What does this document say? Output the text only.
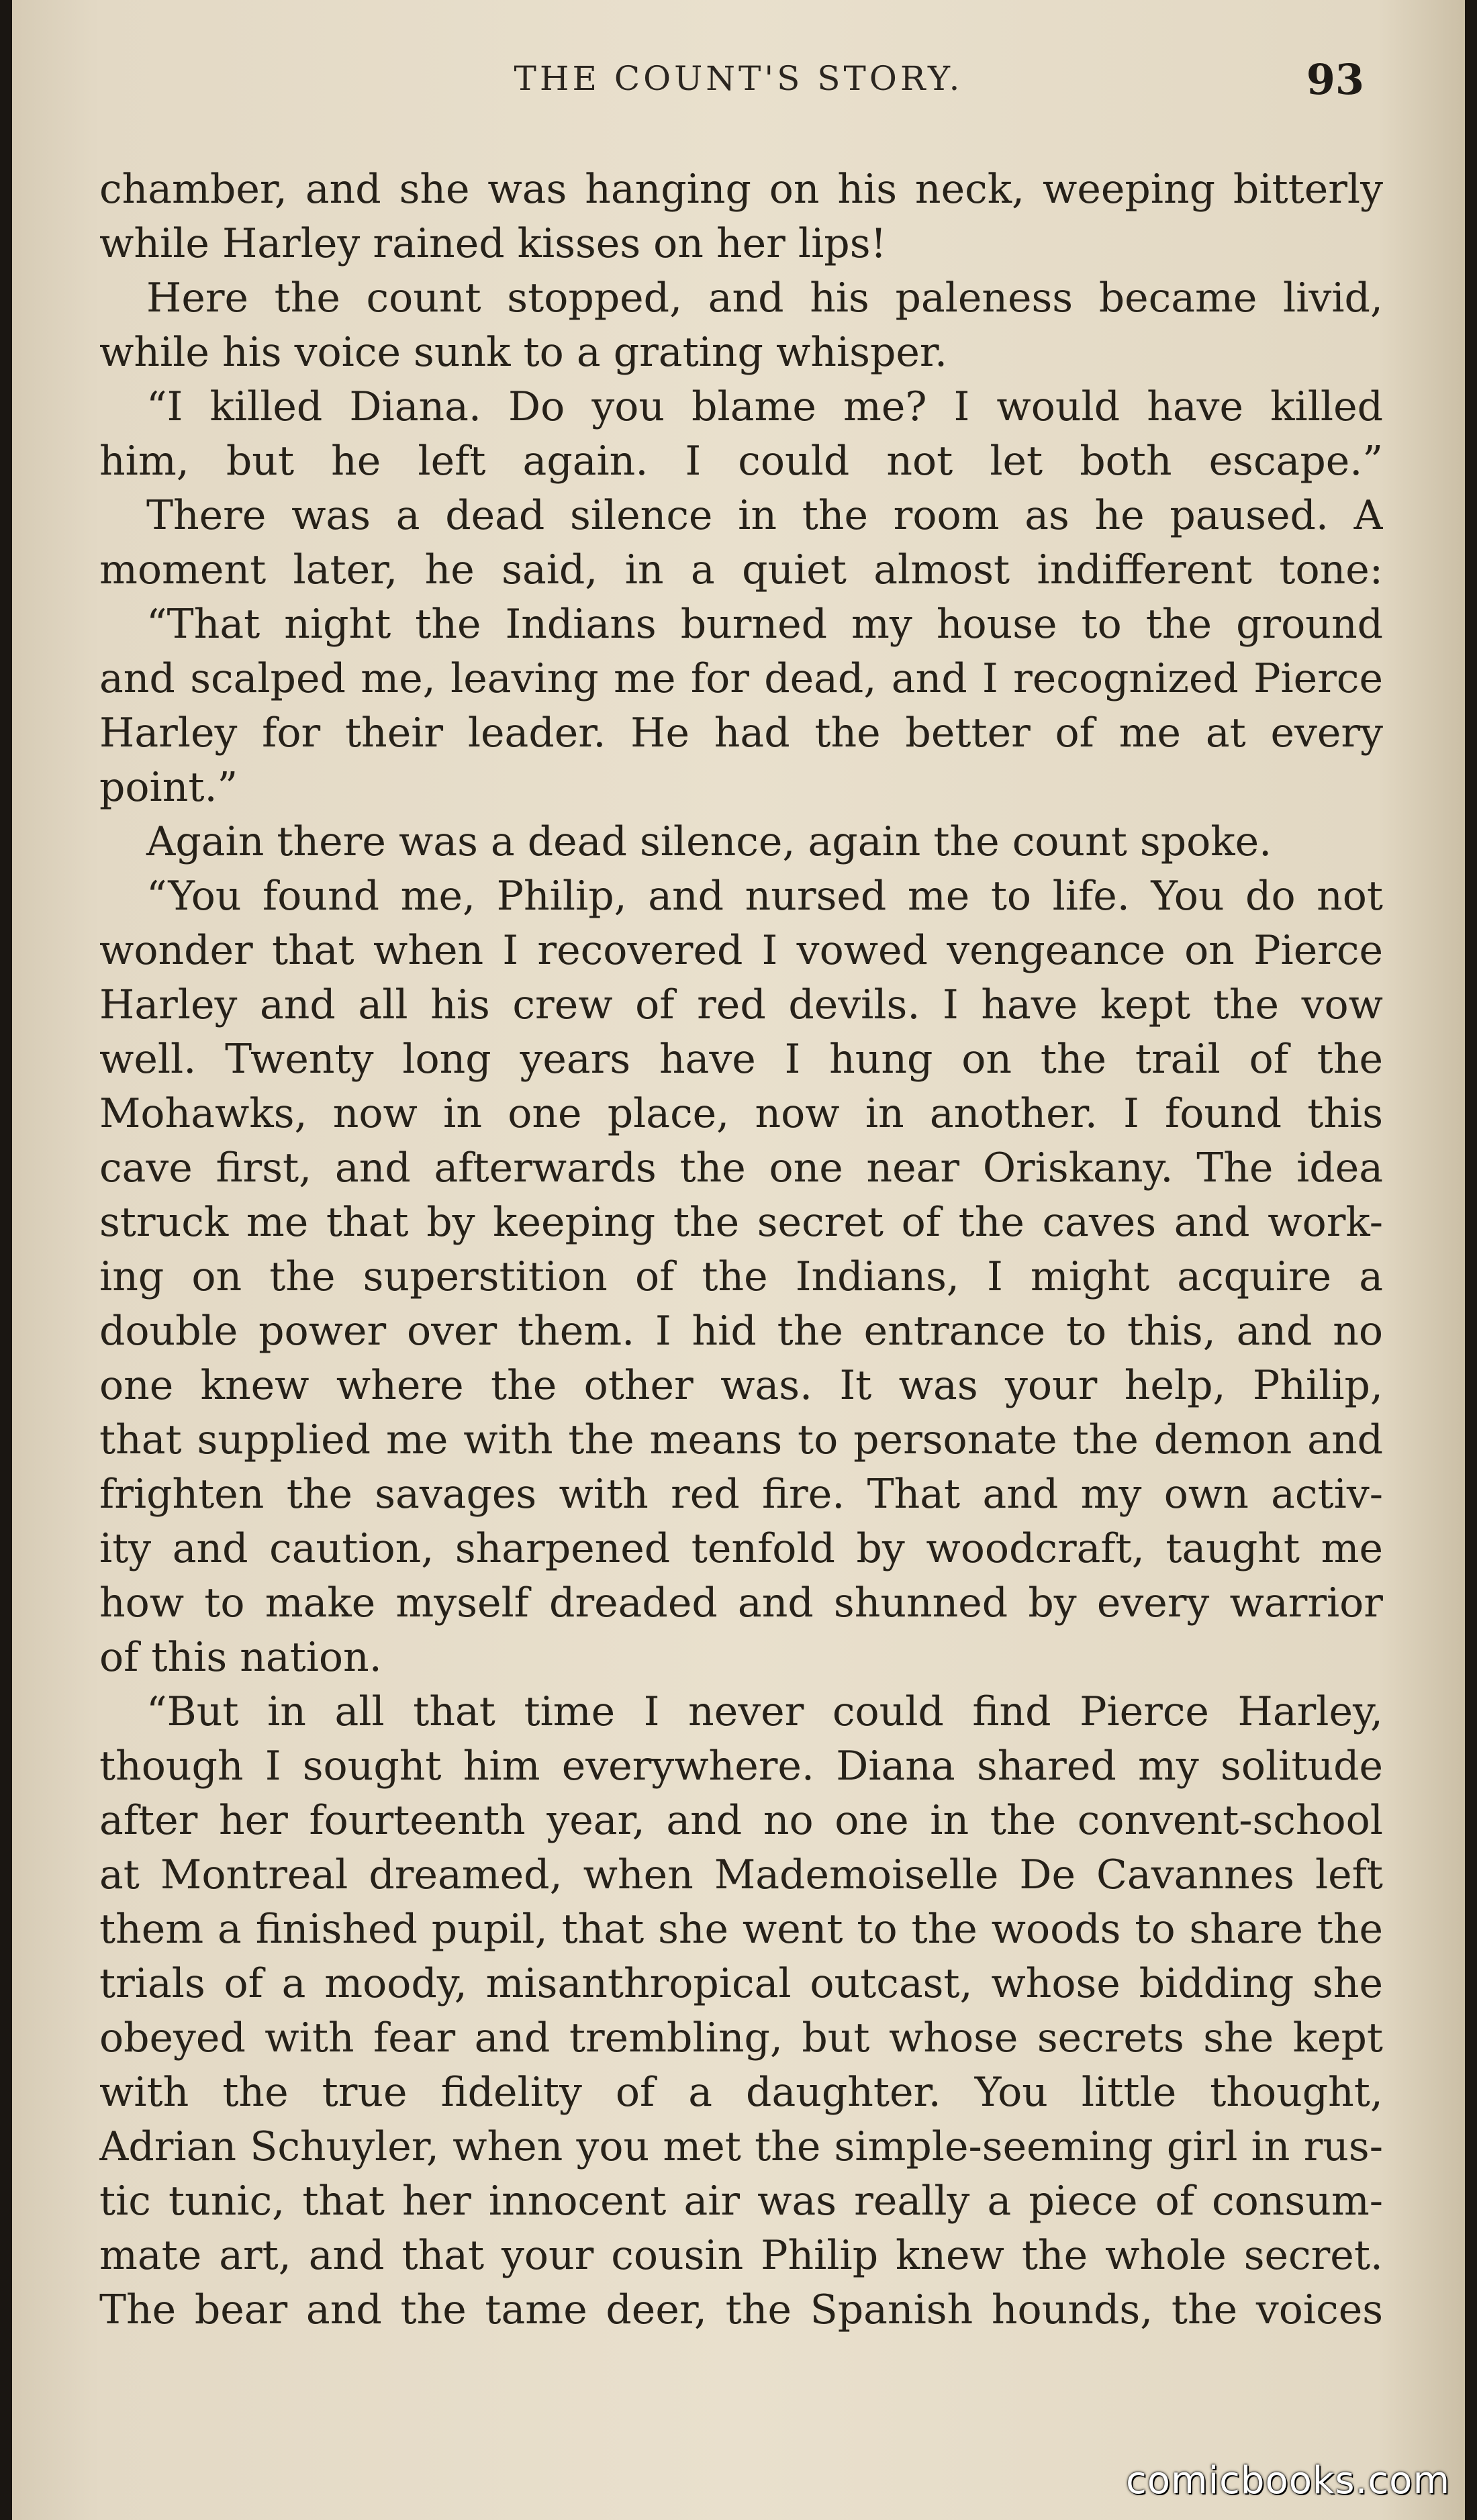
THE COUNT'S STORY.	93
chamber, and she was hanging on his neck, weeping bitterly
while Harley rained kisses on her lips!
Here the count stopped, and his paleness became livid,
while his voice sunk to a grating whisper.
“I killed Diana. Do you blame me? I would have killed
him, but he left again. I could not let both escape.”
There was a dead silence in the room as he paused. A
moment later, he said, in a quiet almost indifferent tone:
“That night the Indians burned my house to the ground
and scalped me, leaving me for dead, and I recognized Pierce
Harley for their leader. He had the better of me at every
point.”
Again there was a dead silence, again the count spoke.
“You found me, Philip, and nursed me to life. You do not
wonder that when I recovered I vowed vengeance on Pierce
Harley and all his crew of red devils. I have kept the vow
well. Twenty long years have I hung on the trail of the
Mohawks, now in one place, now in another. I found this
cave first, and afterwards the one near Oriskany. The idea
struck me that by keeping the secret of the caves and work-
ing on the superstition of the Indians, I might acquire a
double power over them. I hid the entrance to this, and no
one knew where the other was. It was your help, Philip,
that supplied me with the means to personate the demon and
frighten the savages with red fire. That and my own activ-
ity and caution, sharpened tenfold by woodcraft, taught me
how to make myself dreaded and shunned by every warrior
of this nation.
“But in all that time I never could find Pierce Harley,
though I sought him everywhere. Diana shared my solitude
after her fourteenth year, and no one in the convent-school
at Montreal dreamed, when Mademoiselle De Cavannes left
them a finished pupil, that she went to the woods to share the
trials of a moody, misanthropical outcast, whose bidding she
obeyed with fear and trembling, but whose secrets she kept
with the true fidelity of a daughter. You little thought,
Adrian Schuyler, when you met the simple-seeming girl in rus-
tic tunic, that her innocent air was really a piece of consum-
mate art, and that your cousin Philip knew the whole secret.
The bear and the tame deer, the Spanish hounds, the voices
comicbooks.com
